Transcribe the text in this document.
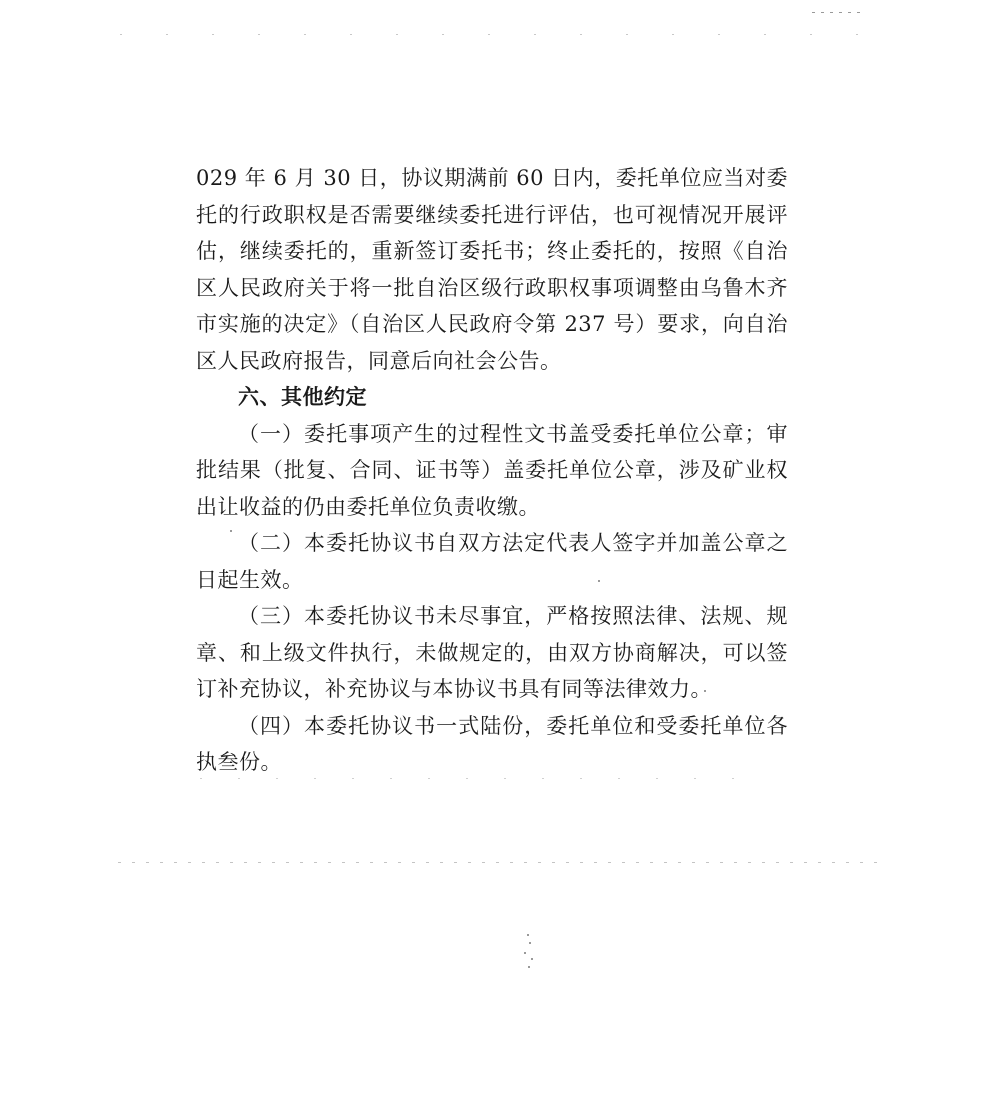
029 年 6 月 30 日，协议期满前 60 日内，委托单位应当对委托的行政职权是否需要继续委托进行评估，也可视情况开展评估，继续委托的，重新签订委托书；终止委托的，按照《自治区人民政府关于将一批自治区级行政职权事项调整由乌鲁木齐市实施的决定》（自治区人民政府令第 237 号）要求，向自治区人民政府报告，同意后向社会公告。

六、其他约定

（一）委托事项产生的过程性文书盖受委托单位公章；审批结果（批复、合同、证书等）盖委托单位公章，涉及矿业权出让收益的仍由委托单位负责收缴。

（二）本委托协议书自双方法定代表人签字并加盖公章之日起生效。

（三）本委托协议书未尽事宜，严格按照法律、法规、规章、和上级文件执行，未做规定的，由双方协商解决，可以签订补充协议，补充协议与本协议书具有同等法律效力。

（四）本委托协议书一式陆份，委托单位和受委托单位各执叁份。
